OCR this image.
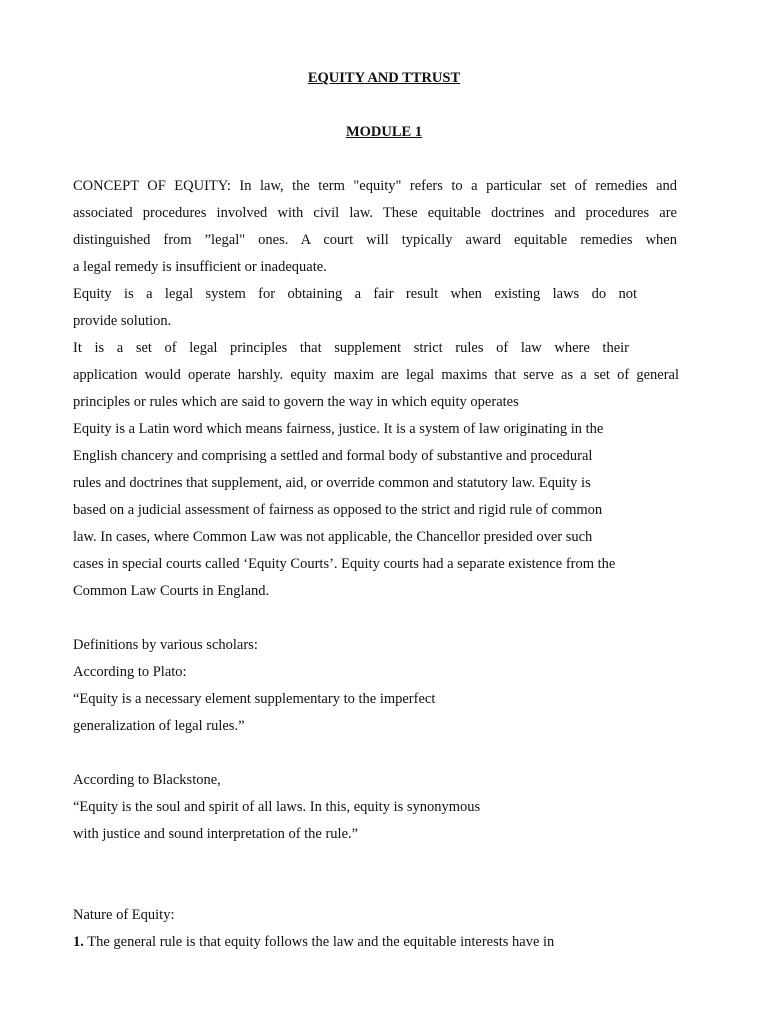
EQUITY AND TTRUST
MODULE 1
CONCEPT OF EQUITY: In law, the term "equity" refers to a particular set of remedies and
associated procedures involved with civil law. These equitable doctrines and procedures are
distinguished from ”legal" ones. A court will typically award equitable remedies when
a legal remedy is insufficient or inadequate.
Equity is a legal system for obtaining a fair result when existing laws do not
provide solution.
It is a set of legal principles that supplement strict rules of law where their
application would operate harshly. equity maxim are legal maxims that serve as a set of general
principles or rules which are said to govern the way in which equity operates
Equity is a Latin word which means fairness, justice. It is a system of law originating in the
English chancery and comprising a settled and formal body of substantive and procedural
rules and doctrines that supplement, aid, or override common and statutory law. Equity is
based on a judicial assessment of fairness as opposed to the strict and rigid rule of common
law. In cases, where Common Law was not applicable, the Chancellor presided over such
cases in special courts called ‘Equity Courts’. Equity courts had a separate existence from the
Common Law Courts in England.
Definitions by various scholars:
According to Plato:
“Equity is a necessary element supplementary to the imperfect
generalization of legal rules.”
According to Blackstone,
“Equity is the soul and spirit of all laws. In this, equity is synonymous
with justice and sound interpretation of the rule.”
Nature of Equity:
1. The general rule is that equity follows the law and the equitable interests have in
